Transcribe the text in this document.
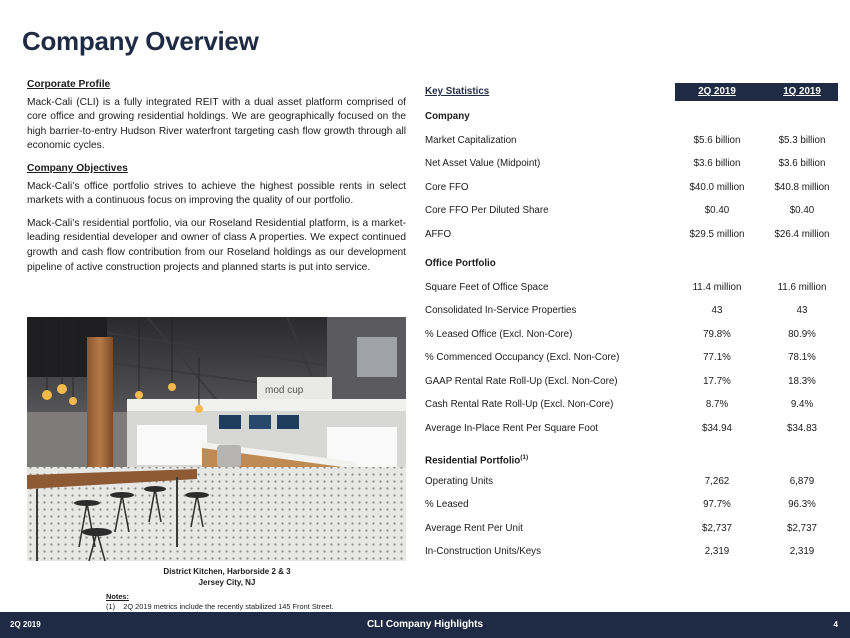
Company Overview
Corporate Profile
Mack-Cali (CLI) is a fully integrated REIT with a dual asset platform comprised of core office and growing residential holdings. We are geographically focused on the high barrier-to-entry Hudson River waterfront targeting cash flow growth through all economic cycles.
Company Objectives
Mack-Cali’s office portfolio strives to achieve the highest possible rents in select markets with a continuous focus on improving the quality of our portfolio.
Mack-Cali’s residential portfolio, via our Roseland Residential platform, is a market-leading residential developer and owner of class A properties. We expect continued growth and cash flow contribution from our Roseland holdings as our development pipeline of active construction projects and planned starts is put into service.
mod cup
District Kitchen, Harborside 2 & 3
Jersey City, NJ
Notes:
(1) 2Q 2019 metrics include the recently stabilized 145 Front Street.
Key Statistics	2Q 2019	1Q 2019
Company
Market Capitalization	$5.6 billion	$5.3 billion
Net Asset Value (Midpoint)	$3.6 billion	$3.6 billion
Core FFO	$40.0 million	$40.8 million
Core FFO Per Diluted Share	$0.40	$0.40
AFFO	$29.5 million	$26.4 million
Office Portfolio
Square Feet of Office Space	11.4 million	11.6 million
Consolidated In-Service Properties	43	43
% Leased Office (Excl. Non-Core)	79.8%	80.9%
% Commenced Occupancy (Excl. Non-Core)	77.1%	78.1%
GAAP Rental Rate Roll-Up (Excl. Non-Core)	17.7%	18.3%
Cash Rental Rate Roll-Up (Excl. Non-Core)	8.7%	9.4%
Average In-Place Rent Per Square Foot	$34.94	$34.83
Residential Portfolio$^{(1)}$
Operating Units	7,262	6,879
% Leased	97.7%	96.3%
Average Rent Per Unit	$2,737	$2,737
In-Construction Units/Keys	2,319	2,319
2Q 2019	CLI Company Highlights	4
